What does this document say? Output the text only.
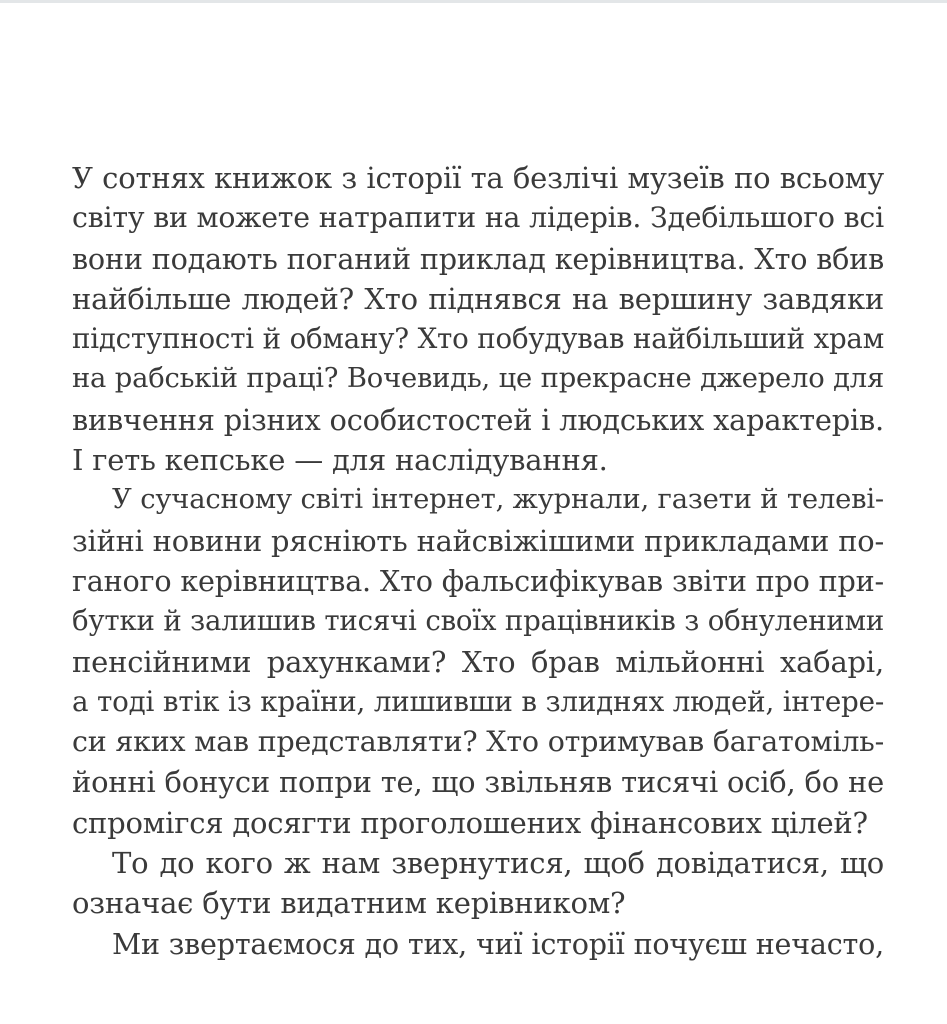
У сотнях книжок з історії та безлічі музеїв по всьому
світу ви можете натрапити на лідерів. Здебільшого всі
вони подають поганий приклад керівництва. Хто вбив
найбільше людей? Хто піднявся на вершину завдяки
підступності й обману? Хто побудував найбільший храм
на рабській праці? Вочевидь, це прекрасне джерело для
вивчення різних особистостей і людських характерів.
І геть кепське — для наслідування.
У сучасному світі інтернет, журнали, газети й телеві-
зійні новини рясніють найсвіжішими прикладами по-
ганого керівництва. Хто фальсифікував звіти про при-
бутки й залишив тисячі своїх працівників з обнуленими
пенсійними рахунками? Хто брав мільйонні хабарі,
а тоді втік із країни, лишивши в злиднях людей, інтере-
си яких мав представляти? Хто отримував багатоміль-
йонні бонуси попри те, що звільняв тисячі осіб, бо не
спромігся досягти проголошених фінансових цілей?
То до кого ж нам звернутися, щоб довідатися, що
означає бути видатним керівником?
Ми звертаємося до тих, чиї історії почуєш нечасто,
